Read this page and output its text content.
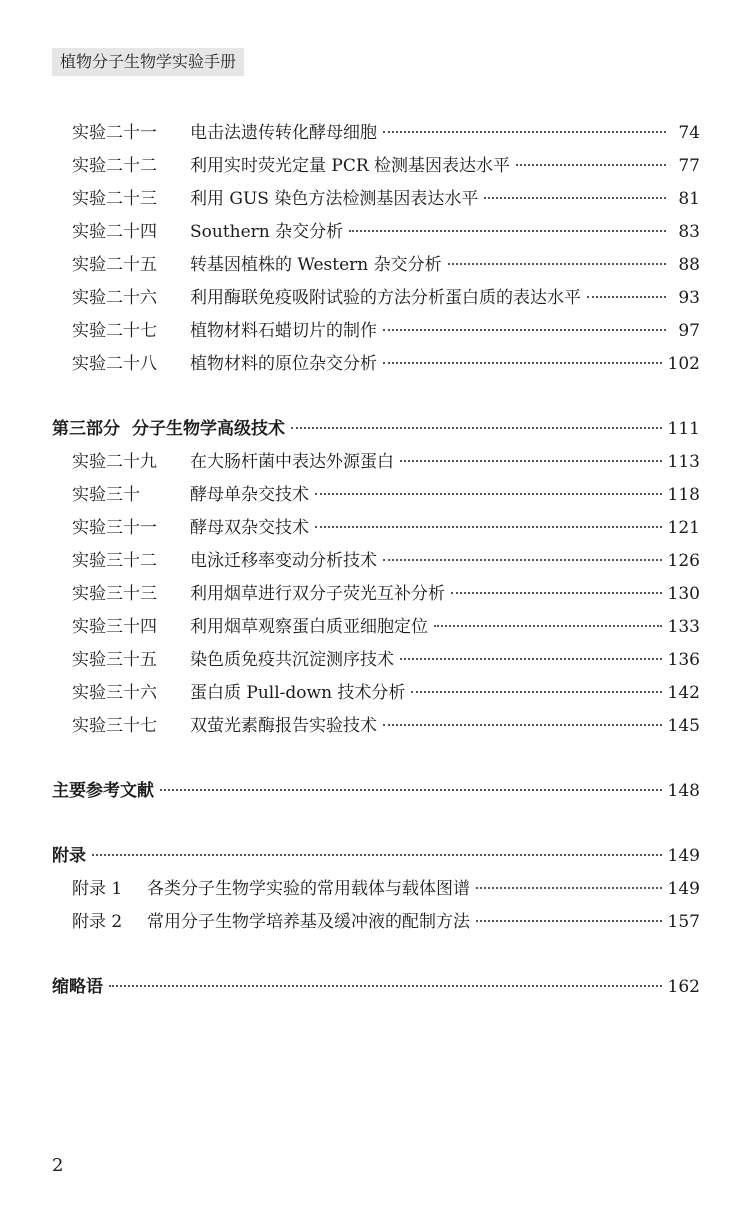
植物分子生物学实验手册
实验二十一	电击法遗传转化酵母细胞	74
实验二十二	利用实时荧光定量 PCR 检测基因表达水平	77
实验二十三	利用 GUS 染色方法检测基因表达水平	81
实验二十四	Southern 杂交分析	83
实验二十五	转基因植株的 Western 杂交分析	88
实验二十六	利用酶联免疫吸附试验的方法分析蛋白质的表达水平	93
实验二十七	植物材料石蜡切片的制作	97
实验二十八	植物材料的原位杂交分析	102
第三部分 分子生物学高级技术	111
实验二十九	在大肠杆菌中表达外源蛋白	113
实验三十	酵母单杂交技术	118
实验三十一	酵母双杂交技术	121
实验三十二	电泳迁移率变动分析技术	126
实验三十三	利用烟草进行双分子荧光互补分析	130
实验三十四	利用烟草观察蛋白质亚细胞定位	133
实验三十五	染色质免疫共沉淀测序技术	136
实验三十六	蛋白质 Pull-down 技术分析	142
实验三十七	双萤光素酶报告实验技术	145
主要参考文献	148
附录	149
附录 1	各类分子生物学实验的常用载体与载体图谱	149
附录 2	常用分子生物学培养基及缓冲液的配制方法	157
缩略语	162
2
